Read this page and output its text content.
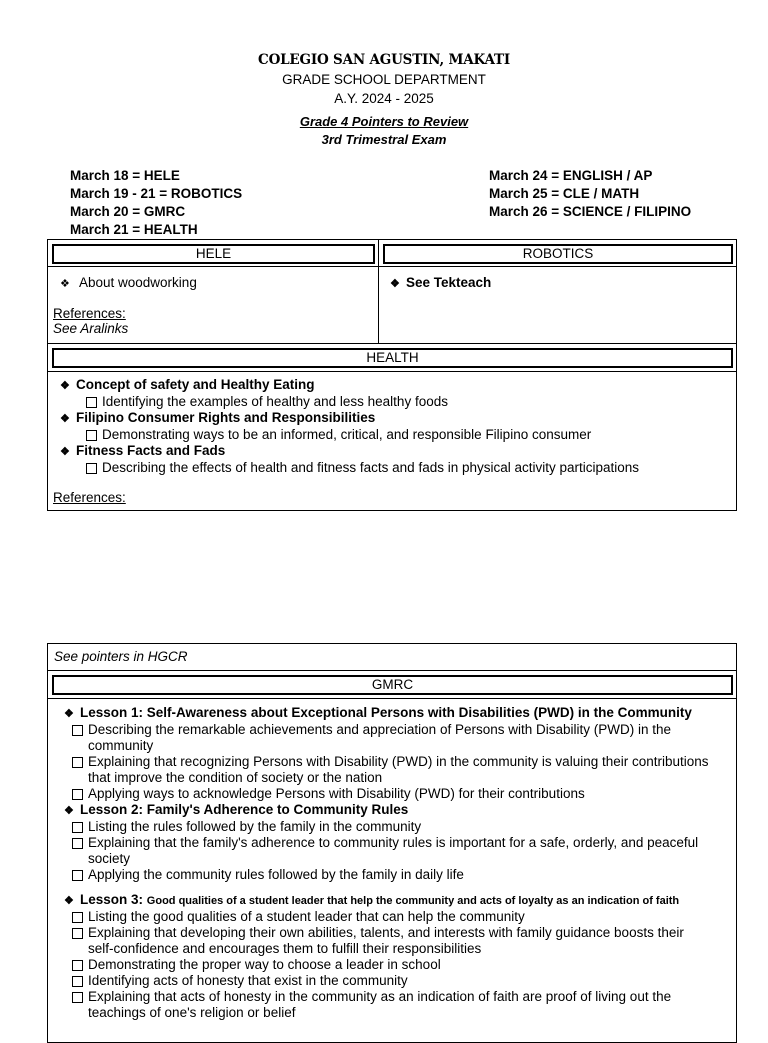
COLEGIO SAN AGUSTIN, MAKATI
GRADE SCHOOL DEPARTMENT
A.Y. 2024 - 2025
Grade 4 Pointers to Review
3rd Trimestral Exam
March 18 = HELE
March 19 - 21 = ROBOTICS
March 20 = GMRC
March 21 = HEALTH
March 24 = ENGLISH / AP
March 25 = CLE / MATH
March 26 = SCIENCE / FILIPINO
HELE	ROBOTICS
❖ About woodworking
References:
See Aralinks
❖ See Tekteach
HEALTH
❖ Concept of safety and Healthy Eating
Identifying the examples of healthy and less healthy foods
❖ Filipino Consumer Rights and Responsibilities
Demonstrating ways to be an informed, critical, and responsible Filipino consumer
❖ Fitness Facts and Fads
Describing the effects of health and fitness facts and fads in physical activity participations
References:
See pointers in HGCR
GMRC
❖ Lesson 1: Self-Awareness about Exceptional Persons with Disabilities (PWD) in the Community
Describing the remarkable achievements and appreciation of Persons with Disability (PWD) in the
community
Explaining that recognizing Persons with Disability (PWD) in the community is valuing their contributions
that improve the condition of society or the nation
Applying ways to acknowledge Persons with Disability (PWD) for their contributions
❖ Lesson 2: Family's Adherence to Community Rules
Listing the rules followed by the family in the community
Explaining that the family's adherence to community rules is important for a safe, orderly, and peaceful
society
Applying the community rules followed by the family in daily life
❖ Lesson 3: Good qualities of a student leader that help the community and acts of loyalty as an indication of faith
Listing the good qualities of a student leader that can help the community
Explaining that developing their own abilities, talents, and interests with family guidance boosts their
self-confidence and encourages them to fulfill their responsibilities
Demonstrating the proper way to choose a leader in school
Identifying acts of honesty that exist in the community
Explaining that acts of honesty in the community as an indication of faith are proof of living out the
teachings of one's religion or belief
